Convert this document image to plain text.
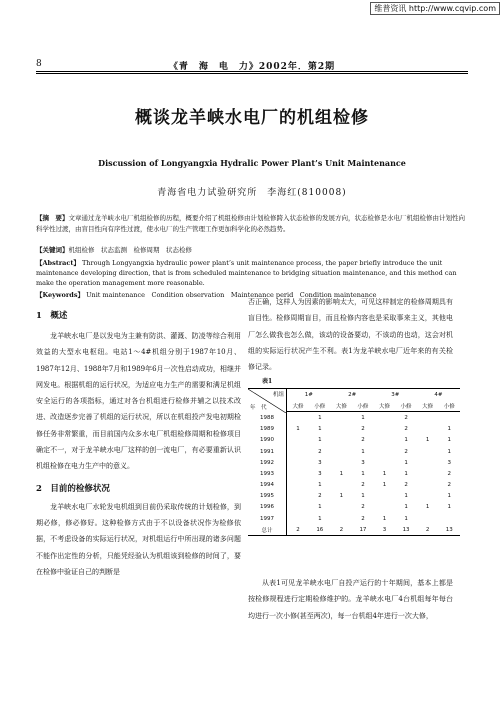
维普资讯 http://www.cqvip.com
8	《青　海　电　力》2002年．第2期
概谈龙羊峡水电厂的机组检修
Discussion of Longyangxia Hydralic Power Plant’s Unit Maintenance
青海省电力试验研究所　李海红(810008)
【摘　要】文章通过龙羊峡水电厂机组检修的历程，概要介绍了机组检修由计划检修跨入状态检修的发展方向，状态检修是水电厂机组检修由计划性向科学性过渡，由盲目性向有序性过渡，使水电厂的生产管理工作更加科学化的必然趋势。
【关键词】机组检修　状态监测　检修周期　状态检修
【Abstract】 Through Longyangxia hydraulic power plant’s unit maintenance process, the paper briefly introduce the unit maintenance developing direction, that is from scheduled maintenance to bridging situation maintenance, and this method can make the operation management more reasonable.
【Keywords】 Unit maintenance　Condition observation　Maintenance perid　Condition maintenance
1　概述
龙羊峡水电厂是以发电为主兼有防洪、灌溉、防凌等综合利用效益的大型水电枢纽。电站1～4#机组分别于1987年10月、1987年12月、1988年7月和1989年6月一次性启动成功，相继并网发电。根据机组的运行状况，为适应电力生产的需要和满足机组安全运行的各项指标，通过对各台机组进行检修并辅之以技术改进、改造逐步完善了机组的运行状况，所以在机组投产发电初期检修任务非常繁重，而目前国内众多水电厂机组检修周期和检修项目确定不一，对于龙羊峡水电厂这样的创一流电厂，有必要重新认识机组检修在电力生产中的意义。
2　目前的检修状况
龙羊峡水电厂水轮发电机组到目前仍采取传统的计划检修，到期必修，修必修好。这种检修方式由于不以设备状况作为检修依据，不考虑设备的实际运行状况，对机组运行中所出现的诸多问题不能作出定性的分析，只能凭经验认为机组该到检修的时间了，要在检修中验证自己的判断是
否正确，这样人为因素的影响太大，可见这样制定的检修周期具有盲目性。检修周期盲目，而且检修内容也是采取事来主义，其他电厂怎么做我也怎么做，该动的设备要动，不该动的也动，这会对机组的实际运行状况产生不利。表1为龙羊峡水电厂近年来的有关检修记录。
表1
机组
年　代	1#		2#		3#		4#	
	大修	小修	大修	小修	大修	小修	大修	小修
1988		1		1		2		
1989	1	1		2		2		1
1990		1		2		1	1	1
1991		2		1		2		1
1992		3		3		1		3
1993		3	1	1	1	1		2
1994		1		2	1	2		2
1995		2	1	1		1		1
1996		1		2		1	1	1
1997		1		2	1	1		
总计	2	16	2	17	3	13	2	13
从表1可见龙羊峡水电厂自投产运行的十年期间，基本上都是按检修规程进行定期检修维护的。龙羊峡水电厂4台机组每年每台均进行一次小修(甚至两次)，每一台机组4年进行一次大修，
